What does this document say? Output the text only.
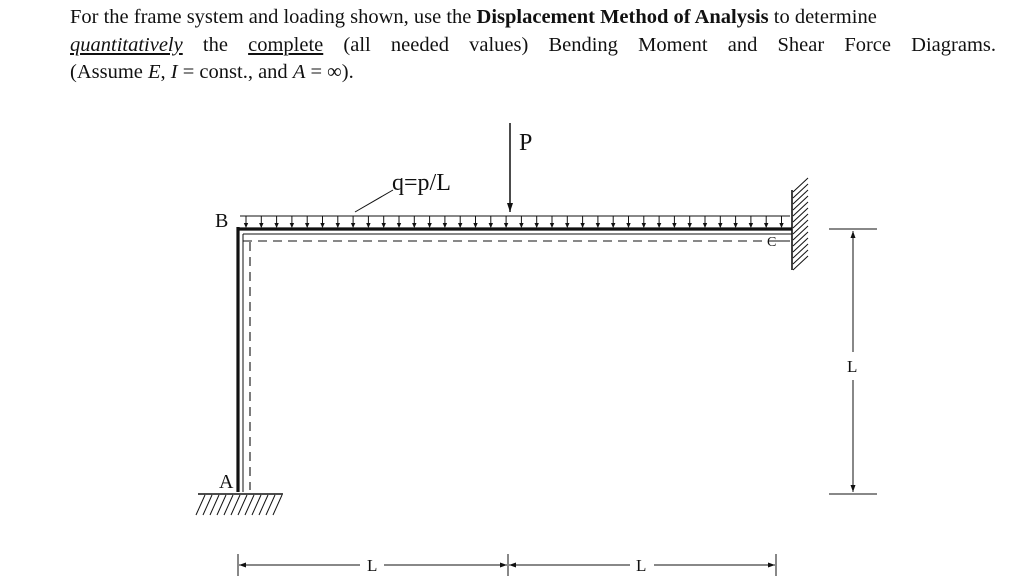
For the frame system and loading shown, use the Displacement Method of Analysis to determine
quantitatively the complete (all needed values) Bending Moment and Shear Force Diagrams.
(Assume E, I = const., and A = ∞).
q=p/L
P
B
A
C
L	L
L
